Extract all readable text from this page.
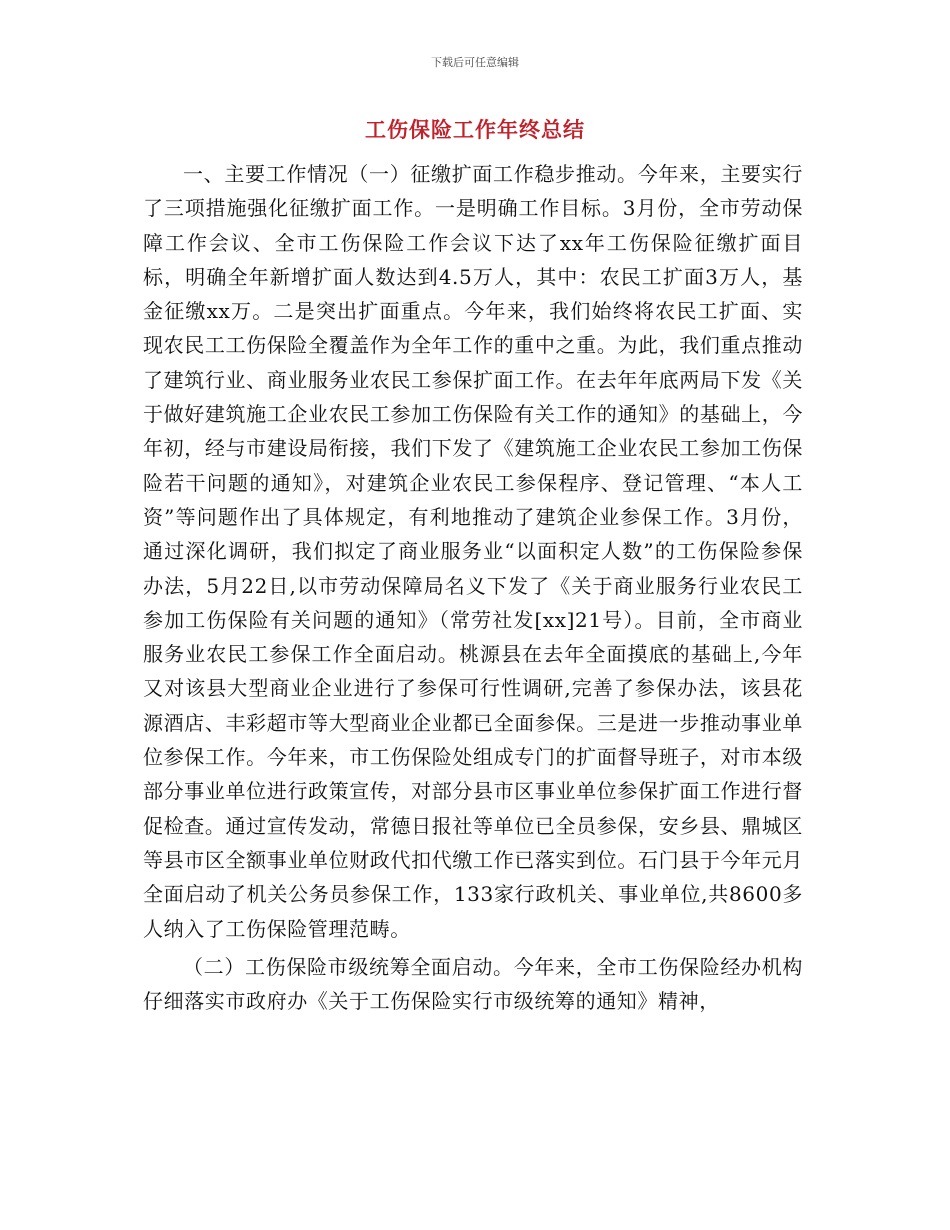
下载后可任意编辑
工伤保险工作年终总结

一、主要工作情况（一）征缴扩面工作稳步推动。今年来，主要实行了三项措施强化征缴扩面工作。一是明确工作目标。3月份，全市劳动保障工作会议、全市工伤保险工作会议下达了xx年工伤保险征缴扩面目标，明确全年新增扩面人数达到4.5万人，其中：农民工扩面3万人，基金征缴xx万。二是突出扩面重点。今年来，我们始终将农民工扩面、实现农民工工伤保险全覆盖作为全年工作的重中之重。为此，我们重点推动了建筑行业、商业服务业农民工参保扩面工作。在去年年底两局下发《关于做好建筑施工企业农民工参加工伤保险有关工作的通知》的基础上，今年初，经与市建设局衔接，我们下发了《建筑施工企业农民工参加工伤保险若干问题的通知》，对建筑企业农民工参保程序、登记管理、“本人工资”等问题作出了具体规定，有利地推动了建筑企业参保工作。3月份，通过深化调研，我们拟定了商业服务业“以面积定人数”的工伤保险参保办法，5月22日,以市劳动保障局名义下发了《关于商业服务行业农民工参加工伤保险有关问题的通知》（常劳社发[xx]21号）。目前，全市商业服务业农民工参保工作全面启动。桃源县在去年全面摸底的基础上,今年又对该县大型商业企业进行了参保可行性调研,完善了参保办法，该县花源酒店、丰彩超市等大型商业企业都已全面参保。三是进一步推动事业单位参保工作。今年来，市工伤保险处组成专门的扩面督导班子，对市本级部分事业单位进行政策宣传，对部分县市区事业单位参保扩面工作进行督促检查。通过宣传发动，常德日报社等单位已全员参保，安乡县、鼎城区等县市区全额事业单位财政代扣代缴工作已落实到位。石门县于今年元月全面启动了机关公务员参保工作，133家行政机关、事业单位,共8600多人纳入了工伤保险管理范畴。

（二）工伤保险市级统筹全面启动。今年来，全市工伤保险经办机构仔细落实市政府办《关于工伤保险实行市级统筹的通知》精神，
